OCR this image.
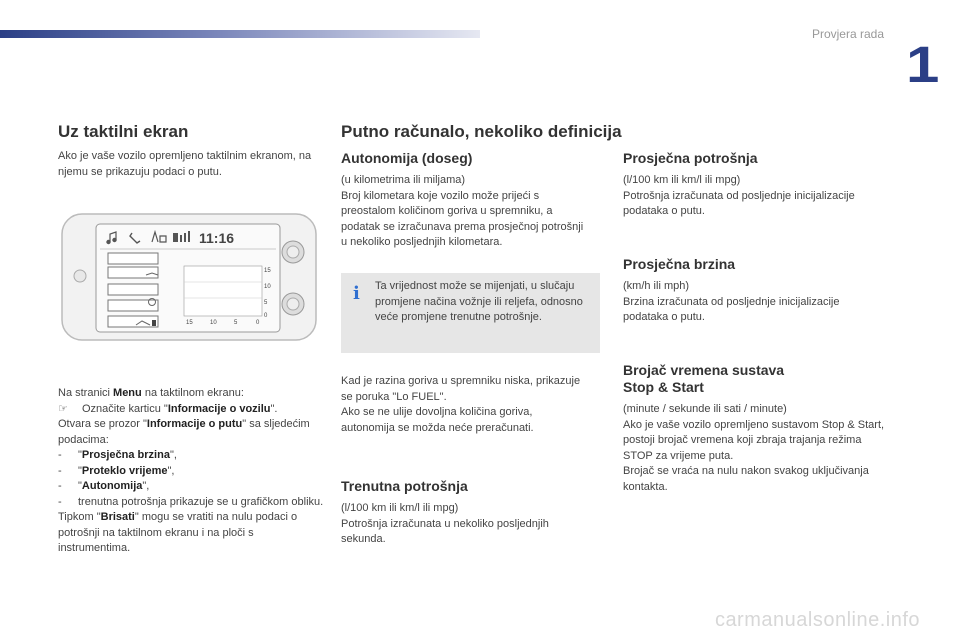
Provjera rada
1
Uz taktilni ekran

Ako je vaše vozilo opremljeno taktilnim ekranom, na njemu se prikazuju podaci o putu.

11:16
15
10
5
0
15	10	5	0
Na stranici Menu na taktilnom ekranu:
☞ Označite karticu "Informacije o vozilu".
Otvara se prozor "Informacije o putu" sa sljedećim podacima:
- "Prosječna brzina",
- "Proteklo vrijeme",
- "Autonomija",
- trenutna potrošnja prikazuje se u grafičkom obliku.
Tipkom "Brisati" mogu se vratiti na nulu podaci o potrošnji na taktilnom ekranu i na ploči s instrumentima.
Putno računalo, nekoliko definicija
Autonomija (doseg)
(u kilometrima ili miljama)
Broj kilometara koje vozilo može prijeći s preostalom količinom goriva u spremniku, a podatak se izračunava prema prosječnoj potrošnji u nekoliko posljednjih kilometara.
i Ta vrijednost može se mijenjati, u slučaju promjene načina vožnje ili reljefa, odnosno veće promjene trenutne potrošnje.
Kad je razina goriva u spremniku niska, prikazuje se poruka "Lo FUEL".
Ako se ne ulije dovoljna količina goriva, autonomija se možda neće preračunati.
Trenutna potrošnja
(l/100 km ili km/l ili mpg)
Potrošnja izračunata u nekoliko posljednjih sekunda.
Prosječna potrošnja
(l/100 km ili km/l ili mpg)
Potrošnja izračunata od posljednje inicijalizacije podataka o putu.
Prosječna brzina
(km/h ili mph)
Brzina izračunata od posljednje inicijalizacije podataka o putu.
Brojač vremena sustava
Stop & Start
(minute / sekunde ili sati / minute)
Ako je vaše vozilo opremljeno sustavom Stop & Start, postoji brojač vremena koji zbraja trajanja režima STOP za vrijeme puta.
Brojač se vraća na nulu nakon svakog uključivanja kontakta.
carmanualsonline.info
